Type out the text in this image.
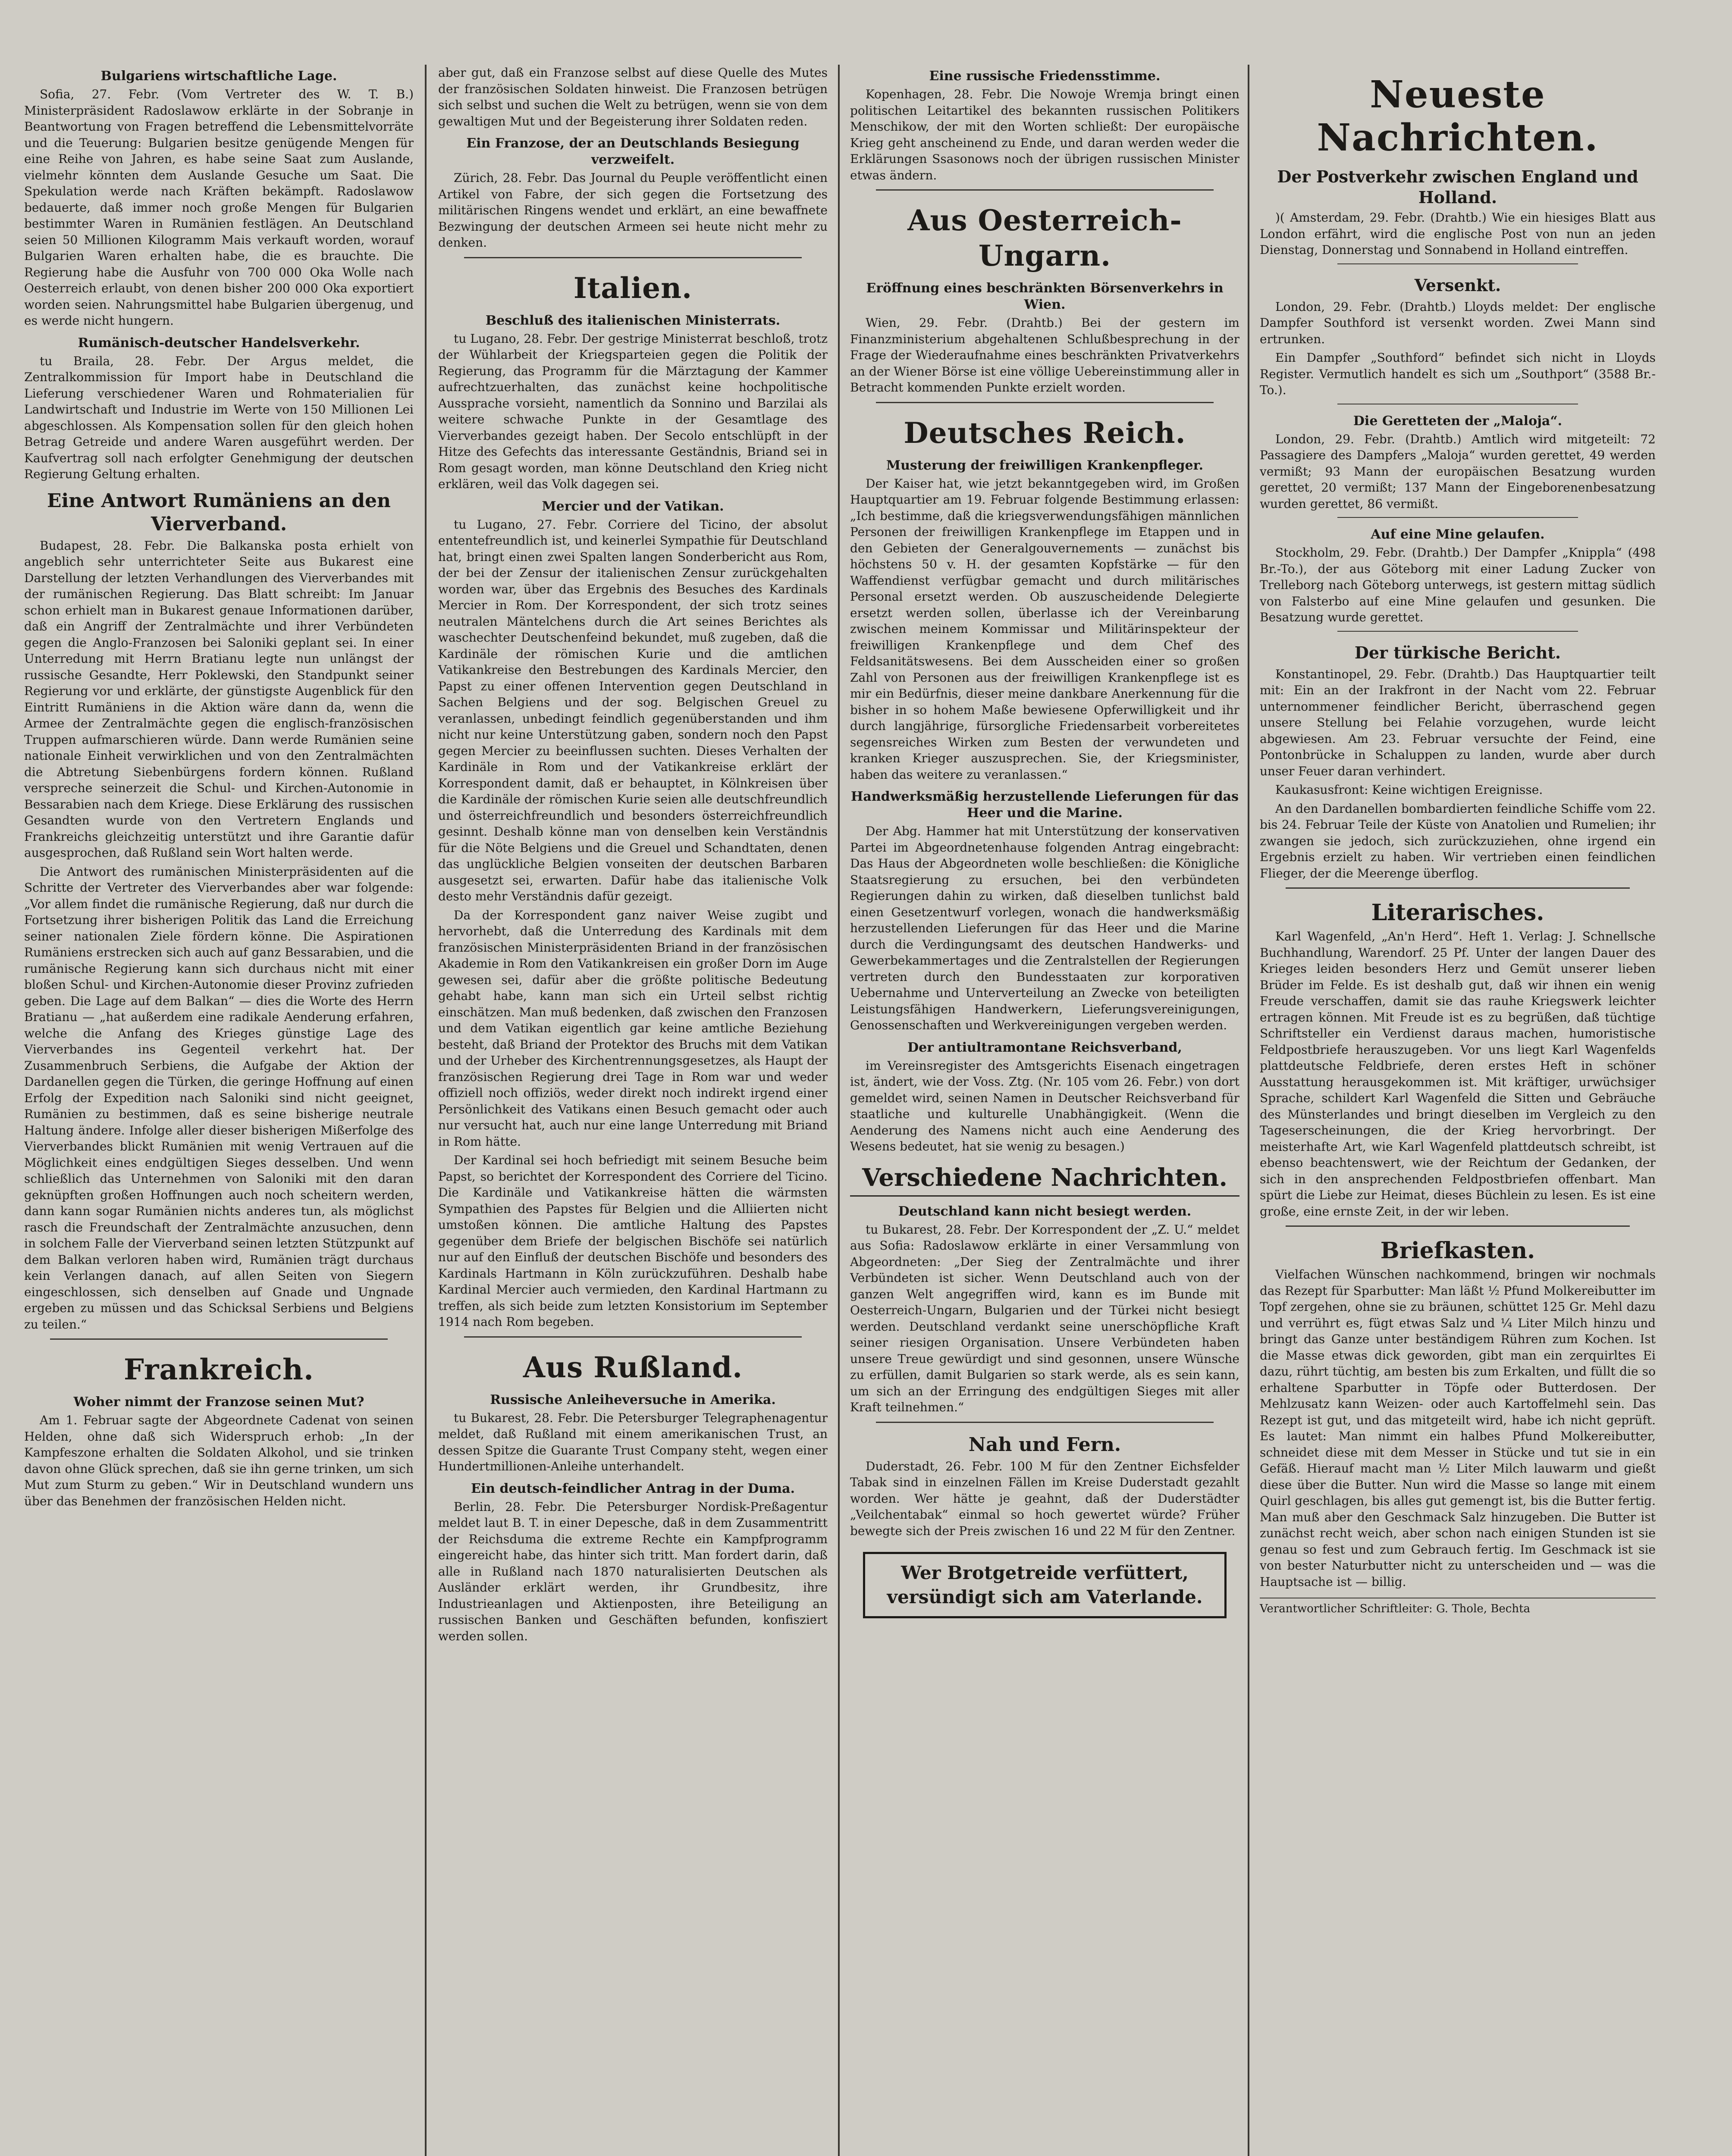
Bulgariens wirtschaftliche Lage.

Sofia, 27. Febr. (Vom Vertreter des W. T. B.) Ministerpräsident Radoslawow erklärte in der Sobranje in Beantwortung von Fragen betreffend die Lebensmittelvorräte und die Teuerung: Bulgarien besitze genügende Mengen für eine Reihe von Jahren, es habe seine Saat zum Auslande, vielmehr könnten dem Auslande Gesuche um Saat. Die Spekulation werde nach Kräften bekämpft. Radoslawow bedauerte, daß immer noch große Mengen für Bulgarien bestimmter Waren in Rumänien festlägen. An Deutschland seien 50 Millionen Kilogramm Mais verkauft worden, worauf Bulgarien Waren erhalten habe, die es brauchte. Die Regierung habe die Ausfuhr von 700 000 Oka Wolle nach Oesterreich erlaubt, von denen bisher 200 000 Oka exportiert worden seien. Nahrungsmittel habe Bulgarien übergenug, und es werde nicht hungern.

Rumänisch-deutscher Handelsverkehr.

tu Braila, 28. Febr. Der Argus meldet, die Zentralkommission für Import habe in Deutschland die Lieferung verschiedener Waren und Rohmaterialien für Landwirtschaft und Industrie im Werte von 150 Millionen Lei abgeschlossen. Als Kompensation sollen für den gleich hohen Betrag Getreide und andere Waren ausgeführt werden. Der Kaufvertrag soll nach erfolgter Genehmigung der deutschen Regierung Geltung erhalten.

Eine Antwort Rumäniens an den Vierverband.

Budapest, 28. Febr. Die Balkanska posta erhielt von angeblich sehr unterrichteter Seite aus Bukarest eine Darstellung der letzten Verhandlungen des Vierverbandes mit der rumänischen Regierung. Das Blatt schreibt: Im Januar schon erhielt man in Bukarest genaue Informationen darüber, daß ein Angriff der Zentralmächte und ihrer Verbündeten gegen die Anglo-Franzosen bei Saloniki geplant sei. In einer Unterredung mit Herrn Bratianu legte nun unlängst der russische Gesandte, Herr Poklewski, den Standpunkt seiner Regierung vor und erklärte, der günstigste Augenblick für den Eintritt Rumäniens in die Aktion wäre dann da, wenn die Armee der Zentralmächte gegen die englisch-französischen Truppen aufmarschieren würde. Dann werde Rumänien seine nationale Einheit verwirklichen und von den Zentralmächten die Abtretung Siebenbürgens fordern können. Rußland verspreche seinerzeit die Schul- und Kirchen-Autonomie in Bessarabien nach dem Kriege. Diese Erklärung des russischen Gesandten wurde von den Vertretern Englands und Frankreichs gleichzeitig unterstützt und ihre Garantie dafür ausgesprochen, daß Rußland sein Wort halten werde.

Die Antwort des rumänischen Ministerpräsidenten auf die Schritte der Vertreter des Vierverbandes aber war folgende: „Vor allem findet die rumänische Regierung, daß nur durch die Fortsetzung ihrer bisherigen Politik das Land die Erreichung seiner nationalen Ziele fördern könne. Die Aspirationen Rumäniens erstrecken sich auch auf ganz Bessarabien, und die rumänische Regierung kann sich durchaus nicht mit einer bloßen Schul- und Kirchen-Autonomie dieser Provinz zufrieden geben. Die Lage auf dem Balkan“ — dies die Worte des Herrn Bratianu — „hat außerdem eine radikale Aenderung erfahren, welche die Anfang des Krieges günstige Lage des Vierverbandes ins Gegenteil verkehrt hat. Der Zusammenbruch Serbiens, die Aufgabe der Aktion der Dardanellen gegen die Türken, die geringe Hoffnung auf einen Erfolg der Expedition nach Saloniki sind nicht geeignet, Rumänien zu bestimmen, daß es seine bisherige neutrale Haltung ändere. Infolge aller dieser bisherigen Mißerfolge des Vierverbandes blickt Rumänien mit wenig Vertrauen auf die Möglichkeit eines endgültigen Sieges desselben. Und wenn schließlich das Unternehmen von Saloniki mit den daran geknüpften großen Hoffnungen auch noch scheitern werden, dann kann sogar Rumänien nichts anderes tun, als möglichst rasch die Freundschaft der Zentralmächte anzusuchen, denn in solchem Falle der Vierverband seinen letzten Stützpunkt auf dem Balkan verloren haben wird, Rumänien trägt durchaus kein Verlangen danach, auf allen Seiten von Siegern eingeschlossen, sich denselben auf Gnade und Ungnade ergeben zu müssen und das Schicksal Serbiens und Belgiens zu teilen.“

Frankreich.
Woher nimmt der Franzose seinen Mut?

Am 1. Februar sagte der Abgeordnete Cadenat von seinen Helden, ohne daß sich Widerspruch erhob: „In der Kampfeszone erhalten die Soldaten Alkohol, und sie trinken davon ohne Glück sprechen, daß sie ihn gerne trinken, um sich Mut zum Sturm zu geben.“ Wir in Deutschland wundern uns über das Benehmen der französischen Helden nicht.

aber gut, daß ein Franzose selbst auf diese Quelle des Mutes der französischen Soldaten hinweist. Die Franzosen betrügen sich selbst und suchen die Welt zu betrügen, wenn sie von dem gewaltigen Mut und der Begeisterung ihrer Soldaten reden.

Ein Franzose, der an Deutschlands Besiegung verzweifelt.

Zürich, 28. Febr. Das Journal du Peuple veröffentlicht einen Artikel von Fabre, der sich gegen die Fortsetzung des militärischen Ringens wendet und erklärt, an eine bewaffnete Bezwingung der deutschen Armeen sei heute nicht mehr zu denken.

Italien.
Beschluß des italienischen Ministerrats.

tu Lugano, 28. Febr. Der gestrige Ministerrat beschloß, trotz der Wühlarbeit der Kriegsparteien gegen die Politik der Regierung, das Programm für die Märztagung der Kammer aufrechtzuerhalten, das zunächst keine hochpolitische Aussprache vorsieht, namentlich da Sonnino und Barzilai als weitere schwache Punkte in der Gesamtlage des Vierverbandes gezeigt haben. Der Secolo entschlüpft in der Hitze des Gefechts das interessante Geständnis, Briand sei in Rom gesagt worden, man könne Deutschland den Krieg nicht erklären, weil das Volk dagegen sei.

Mercier und der Vatikan.

tu Lugano, 27. Febr. Corriere del Ticino, der absolut ententefreundlich ist, und keinerlei Sympathie für Deutschland hat, bringt einen zwei Spalten langen Sonderbericht aus Rom, der bei der Zensur der italienischen Zensur zurückgehalten worden war, über das Ergebnis des Besuches des Kardinals Mercier in Rom. Der Korrespondent, der sich trotz seines neutralen Mäntelchens durch die Art seines Berichtes als waschechter Deutschenfeind bekundet, muß zugeben, daß die Kardinäle der römischen Kurie und die amtlichen Vatikankreise den Bestrebungen des Kardinals Mercier, den Papst zu einer offenen Intervention gegen Deutschland in Sachen Belgiens und der sog. Belgischen Greuel zu veranlassen, unbedingt feindlich gegenüberstanden und ihm nicht nur keine Unterstützung gaben, sondern noch den Papst gegen Mercier zu beeinflussen suchten. Dieses Verhalten der Kardinäle in Rom und der Vatikankreise erklärt der Korrespondent damit, daß er behauptet, in Kölnkreisen über die Kardinäle der römischen Kurie seien alle deutschfreundlich und österreichfreundlich und besonders österreichfreundlich gesinnt. Deshalb könne man von denselben kein Verständnis für die Nöte Belgiens und die Greuel und Schandtaten, denen das unglückliche Belgien vonseiten der deutschen Barbaren ausgesetzt sei, erwarten. Dafür habe das italienische Volk desto mehr Verständnis dafür gezeigt.

Da der Korrespondent ganz naiver Weise zugibt und hervorhebt, daß die Unterredung des Kardinals mit dem französischen Ministerpräsidenten Briand in der französischen Akademie in Rom den Vatikankreisen ein großer Dorn im Auge gewesen sei, dafür aber die größte politische Bedeutung gehabt habe, kann man sich ein Urteil selbst richtig einschätzen. Man muß bedenken, daß zwischen den Franzosen und dem Vatikan eigentlich gar keine amtliche Beziehung besteht, daß Briand der Protektor des Bruchs mit dem Vatikan und der Urheber des Kirchentrennungsgesetzes, als Haupt der französischen Regierung drei Tage in Rom war und weder offiziell noch offiziös, weder direkt noch indirekt irgend einer Persönlichkeit des Vatikans einen Besuch gemacht oder auch nur versucht hat, auch nur eine lange Unterredung mit Briand in Rom hätte.

Der Kardinal sei hoch befriedigt mit seinem Besuche beim Papst, so berichtet der Korrespondent des Corriere del Ticino. Die Kardinäle und Vatikankreise hätten die wärmsten Sympathien des Papstes für Belgien und die Alliierten nicht umstoßen können. Die amtliche Haltung des Papstes gegenüber dem Briefe der belgischen Bischöfe sei natürlich nur auf den Einfluß der deutschen Bischöfe und besonders des Kardinals Hartmann in Köln zurückzuführen. Deshalb habe Kardinal Mercier auch vermieden, den Kardinal Hartmann zu treffen, als sich beide zum letzten Konsistorium im September 1914 nach Rom begeben.

Aus Rußland.
Russische Anleiheversuche in Amerika.

tu Bukarest, 28. Febr. Die Petersburger Telegraphenagentur meldet, daß Rußland mit einem amerikanischen Trust, an dessen Spitze die Guarante Trust Company steht, wegen einer Hundertmillionen-Anleihe unterhandelt.

Ein deutsch-feindlicher Antrag in der Duma.

Berlin, 28. Febr. Die Petersburger Nordisk-Preßagentur meldet laut B. T. in einer Depesche, daß in dem Zusammentritt der Reichsduma die extreme Rechte ein Kampfprogramm eingereicht habe, das hinter sich tritt. Man fordert darin, daß alle in Rußland nach 1870 naturalisierten Deutschen als Ausländer erklärt werden, ihr Grundbesitz, ihre Industrieanlagen und Aktienposten, ihre Beteiligung an russischen Banken und Geschäften befunden, konfisziert werden sollen.

Eine russische Friedensstimme.

Kopenhagen, 28. Febr. Die Nowoje Wremja bringt einen politischen Leitartikel des bekannten russischen Politikers Menschikow, der mit den Worten schließt: Der europäische Krieg geht anscheinend zu Ende, und daran werden weder die Erklärungen Ssasonows noch der übrigen russischen Minister etwas ändern.

Aus Oesterreich-Ungarn.
Eröffnung eines beschränkten Börsenverkehrs in Wien.

Wien, 29. Febr. (Drahtb.) Bei der gestern im Finanzministerium abgehaltenen Schlußbesprechung in der Frage der Wiederaufnahme eines beschränkten Privatverkehrs an der Wiener Börse ist eine völlige Uebereinstimmung aller in Betracht kommenden Punkte erzielt worden.

Deutsches Reich.
Musterung der freiwilligen Krankenpfleger.

Der Kaiser hat, wie jetzt bekanntgegeben wird, im Großen Hauptquartier am 19. Februar folgende Bestimmung erlassen: „Ich bestimme, daß die kriegsverwendungsfähigen männlichen Personen der freiwilligen Krankenpflege im Etappen und in den Gebieten der Generalgouvernements — zunächst bis höchstens 50 v. H. der gesamten Kopfstärke — für den Waffendienst verfügbar gemacht und durch militärisches Personal ersetzt werden. Ob auszuscheidende Delegierte ersetzt werden sollen, überlasse ich der Vereinbarung zwischen meinem Kommissar und Militärinspekteur der freiwilligen Krankenpflege und dem Chef des Feldsanitätswesens. Bei dem Ausscheiden einer so großen Zahl von Personen aus der freiwilligen Krankenpflege ist es mir ein Bedürfnis, dieser meine dankbare Anerkennung für die bisher in so hohem Maße bewiesene Opferwilligkeit und ihr durch langjährige, fürsorgliche Friedensarbeit vorbereitetes segensreiches Wirken zum Besten der verwundeten und kranken Krieger auszusprechen. Sie, der Kriegsminister, haben das weitere zu veranlassen.“

Handwerksmäßig herzustellende Lieferungen für das Heer und die Marine.

Der Abg. Hammer hat mit Unterstützung der konservativen Partei im Abgeordnetenhause folgenden Antrag eingebracht: Das Haus der Abgeordneten wolle beschließen: die Königliche Staatsregierung zu ersuchen, bei den verbündeten Regierungen dahin zu wirken, daß dieselben tunlichst bald einen Gesetzentwurf vorlegen, wonach die handwerksmäßig herzustellenden Lieferungen für das Heer und die Marine durch die Verdingungsamt des deutschen Handwerks- und Gewerbekammertages und die Zentralstellen der Regierungen vertreten durch den Bundesstaaten zur korporativen Uebernahme und Unterverteilung an Zwecke von beteiligten Leistungsfähigen Handwerkern, Lieferungsvereinigungen, Genossenschaften und Werkvereinigungen vergeben werden.

Der antiultramontane Reichsverband,

im Vereinsregister des Amtsgerichts Eisenach eingetragen ist, ändert, wie der Voss. Ztg. (Nr. 105 vom 26. Febr.) von dort gemeldet wird, seinen Namen in Deutscher Reichsverband für staatliche und kulturelle Unabhängigkeit. (Wenn die Aenderung des Namens nicht auch eine Aenderung des Wesens bedeutet, hat sie wenig zu besagen.)

Verschiedene Nachrichten.
Deutschland kann nicht besiegt werden.

tu Bukarest, 28. Febr. Der Korrespondent der „Z. U.“ meldet aus Sofia: Radoslawow erklärte in einer Versammlung von Abgeordneten: „Der Sieg der Zentralmächte und ihrer Verbündeten ist sicher. Wenn Deutschland auch von der ganzen Welt angegriffen wird, kann es im Bunde mit Oesterreich-Ungarn, Bulgarien und der Türkei nicht besiegt werden. Deutschland verdankt seine unerschöpfliche Kraft seiner riesigen Organisation. Unsere Verbündeten haben unsere Treue gewürdigt und sind gesonnen, unsere Wünsche zu erfüllen, damit Bulgarien so stark werde, als es sein kann, um sich an der Erringung des endgültigen Sieges mit aller Kraft teilnehmen.“

Nah und Fern.

Duderstadt, 26. Febr. 100 M für den Zentner Eichsfelder Tabak sind in einzelnen Fällen im Kreise Duderstadt gezahlt worden. Wer hätte je geahnt, daß der Duderstädter „Veilchentabak“ einmal so hoch gewertet würde? Früher bewegte sich der Preis zwischen 16 und 22 M für den Zentner.

Wer Brotgetreide verfüttert,
versündigt sich am Vaterlande.
Neueste Nachrichten.
Der Postverkehr zwischen England und Holland.

)( Amsterdam, 29. Febr. (Drahtb.) Wie ein hiesiges Blatt aus London erfährt, wird die englische Post von nun an jeden Dienstag, Donnerstag und Sonnabend in Holland eintreffen.

Versenkt.

London, 29. Febr. (Drahtb.) Lloyds meldet: Der englische Dampfer Southford ist versenkt worden. Zwei Mann sind ertrunken.

Ein Dampfer „Southford“ befindet sich nicht in Lloyds Register. Vermutlich handelt es sich um „Southport“ (3588 Br.-To.).

Die Geretteten der „Maloja“.

London, 29. Febr. (Drahtb.) Amtlich wird mitgeteilt: 72 Passagiere des Dampfers „Maloja“ wurden gerettet, 49 werden vermißt; 93 Mann der europäischen Besatzung wurden gerettet, 20 vermißt; 137 Mann der Eingeborenenbesatzung wurden gerettet, 86 vermißt.

Auf eine Mine gelaufen.

Stockholm, 29. Febr. (Drahtb.) Der Dampfer „Knippla“ (498 Br.-To.), der aus Göteborg mit einer Ladung Zucker von Trelleborg nach Göteborg unterwegs, ist gestern mittag südlich von Falsterbo auf eine Mine gelaufen und gesunken. Die Besatzung wurde gerettet.

Der türkische Bericht.

Konstantinopel, 29. Febr. (Drahtb.) Das Hauptquartier teilt mit: Ein an der Irakfront in der Nacht vom 22. Februar unternommener feindlicher Bericht, überraschend gegen unsere Stellung bei Felahie vorzugehen, wurde leicht abgewiesen. Am 23. Februar versuchte der Feind, eine Pontonbrücke in Schaluppen zu landen, wurde aber durch unser Feuer daran verhindert.

Kaukasusfront: Keine wichtigen Ereignisse.

An den Dardanellen bombardierten feindliche Schiffe vom 22. bis 24. Februar Teile der Küste von Anatolien und Rumelien; ihr zwangen sie jedoch, sich zurückzuziehen, ohne irgend ein Ergebnis erzielt zu haben. Wir vertrieben einen feindlichen Flieger, der die Meerenge überflog.

Literarisches.

Karl Wagenfeld, „An'n Herd“. Heft 1. Verlag: J. Schnellsche Buchhandlung, Warendorf. 25 Pf. Unter der langen Dauer des Krieges leiden besonders Herz und Gemüt unserer lieben Brüder im Felde. Es ist deshalb gut, daß wir ihnen ein wenig Freude verschaffen, damit sie das rauhe Kriegswerk leichter ertragen können. Mit Freude ist es zu begrüßen, daß tüchtige Schriftsteller ein Verdienst daraus machen, humoristische Feldpostbriefe herauszugeben. Vor uns liegt Karl Wagenfelds plattdeutsche Feldbriefe, deren erstes Heft in schöner Ausstattung herausgekommen ist. Mit kräftiger, urwüchsiger Sprache, schildert Karl Wagenfeld die Sitten und Gebräuche des Münsterlandes und bringt dieselben im Vergleich zu den Tageserscheinungen, die der Krieg hervorbringt. Der meisterhafte Art, wie Karl Wagenfeld plattdeutsch schreibt, ist ebenso beachtenswert, wie der Reichtum der Gedanken, der sich in den ansprechenden Feldpostbriefen offenbart. Man spürt die Liebe zur Heimat, dieses Büchlein zu lesen. Es ist eine große, eine ernste Zeit, in der wir leben.

Briefkasten.

Vielfachen Wünschen nachkommend, bringen wir nochmals das Rezept für Sparbutter: Man läßt ½ Pfund Molkereibutter im Topf zergehen, ohne sie zu bräunen, schüttet 125 Gr. Mehl dazu und verrührt es, fügt etwas Salz und ¼ Liter Milch hinzu und bringt das Ganze unter beständigem Rühren zum Kochen. Ist die Masse etwas dick geworden, gibt man ein zerquirltes Ei dazu, rührt tüchtig, am besten bis zum Erkalten, und füllt die so erhaltene Sparbutter in Töpfe oder Butterdosen. Der Mehlzusatz kann Weizen- oder auch Kartoffelmehl sein. Das Rezept ist gut, und das mitgeteilt wird, habe ich nicht geprüft. Es lautet: Man nimmt ein halbes Pfund Molkereibutter, schneidet diese mit dem Messer in Stücke und tut sie in ein Gefäß. Hierauf macht man ½ Liter Milch lauwarm und gießt diese über die Butter. Nun wird die Masse so lange mit einem Quirl geschlagen, bis alles gut gemengt ist, bis die Butter fertig. Man muß aber den Geschmack Salz hinzugeben. Die Butter ist zunächst recht weich, aber schon nach einigen Stunden ist sie genau so fest und zum Gebrauch fertig. Im Geschmack ist sie von bester Naturbutter nicht zu unterscheiden und — was die Hauptsache ist — billig.

Verantwortlicher Schriftleiter: G. Thole, Bechta
